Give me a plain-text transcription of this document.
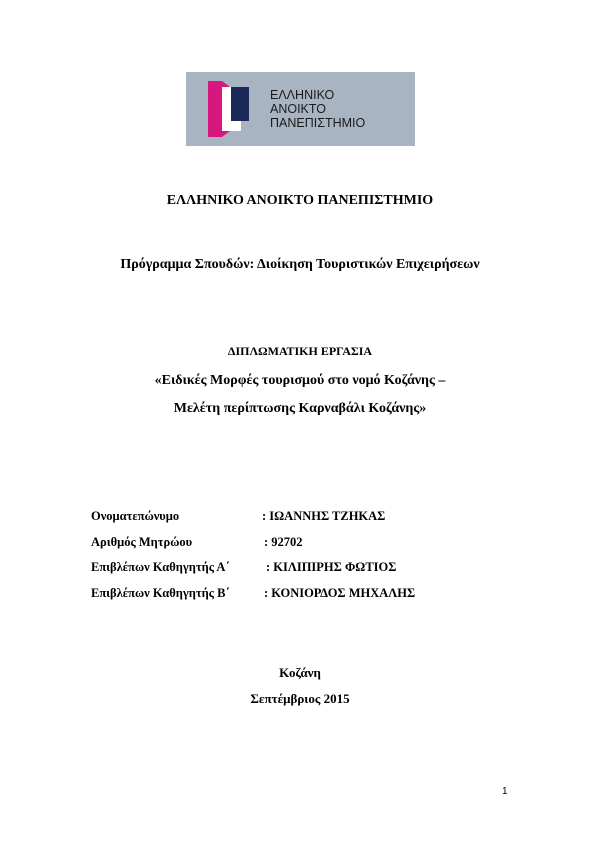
ΕΛΛΗΝΙΚΟ
ΑΝΟΙΚΤΟ
ΠΑΝΕΠΙΣΤΗΜΙΟ
ΕΛΛΗΝΙΚΟ ΑΝΟΙΚΤΟ ΠΑΝΕΠΙΣΤΗΜΙΟ
Πρόγραμμα Σπουδών: Διοίκηση Τουριστικών Επιχειρήσεων
ΔΙΠΛΩΜΑΤΙΚΗ ΕΡΓΑΣΙΑ
«Ειδικές Μορφές τουρισμού στο νομό Κοζάνης –
Μελέτη περίπτωσης Καρναβάλι Κοζάνης»
Ονοματεπώνυμο	: ΙΩΑΝΝΗΣ ΤΖΗΚΑΣ
Αριθμός Μητρώου	: 92702
Επιβλέπων Καθηγητής Α΄	: ΚΙΛΙΠΙΡΗΣ ΦΩΤΙΟΣ
Επιβλέπων Καθηγητής Β΄	: ΚΟΝΙΟΡΔΟΣ ΜΗΧΑΛΗΣ
Κοζάνη
Σεπτέμβριος 2015
1
